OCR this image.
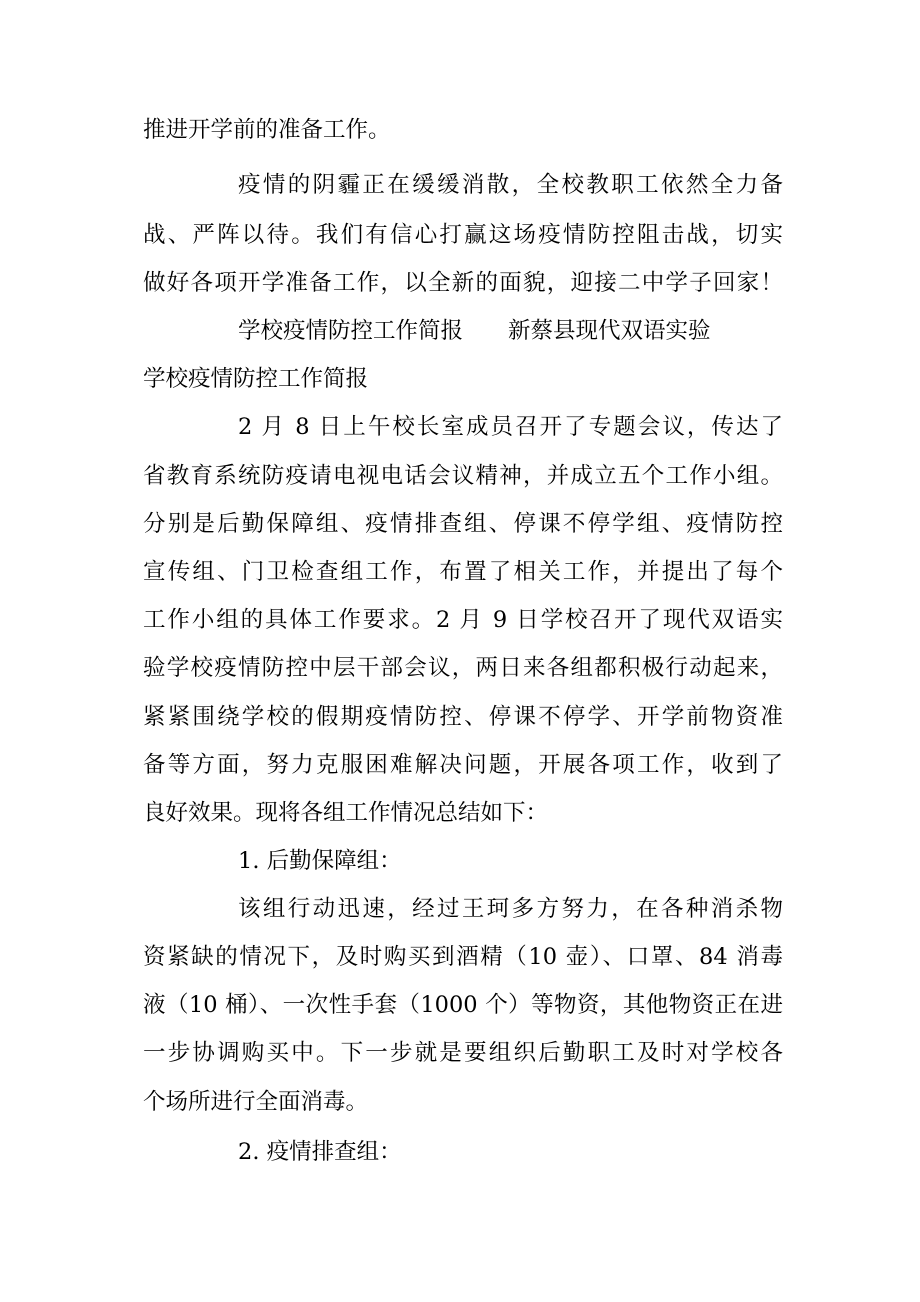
推进开学前的准备工作。
疫情的阴霾正在缓缓消散，全校教职工依然全力备
战、严阵以待。我们有信心打赢这场疫情防控阻击战，切实
做好各项开学准备工作，以全新的面貌，迎接二中学子回家！
学校疫情防控工作简报　　新蔡县现代双语实验
学校疫情防控工作简报
2 月 8 日上午校长室成员召开了专题会议，传达了
省教育系统防疫请电视电话会议精神，并成立五个工作小组。
分别是后勤保障组、疫情排查组、停课不停学组、疫情防控
宣传组、门卫检查组工作，布置了相关工作，并提出了每个
工作小组的具体工作要求。2 月 9 日学校召开了现代双语实
验学校疫情防控中层干部会议，两日来各组都积极行动起来，
紧紧围绕学校的假期疫情防控、停课不停学、开学前物资准
备等方面，努力克服困难解决问题，开展各项工作，收到了
良好效果。现将各组工作情况总结如下：
1. 后勤保障组：
该组行动迅速，经过王珂多方努力，在各种消杀物
资紧缺的情况下，及时购买到酒精（10 壶）、口罩、84 消毒
液（10 桶）、一次性手套（1000 个）等物资，其他物资正在进
一步协调购买中。下一步就是要组织后勤职工及时对学校各
个场所进行全面消毒。
2. 疫情排查组：
